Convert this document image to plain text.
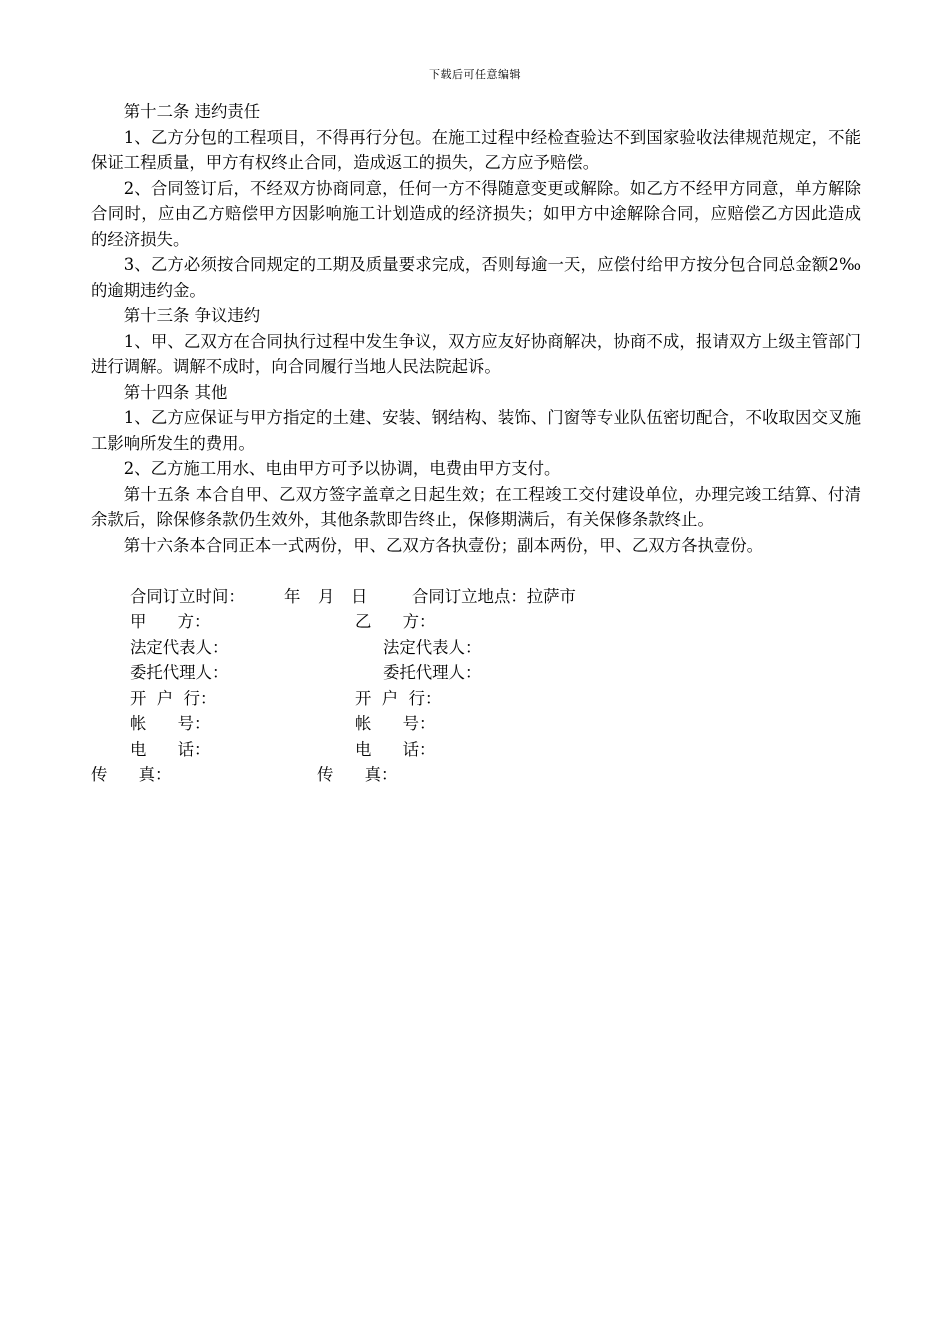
下载后可任意编辑

第十二条 违约责任

1、乙方分包的工程项目，不得再行分包。在施工过程中经检查验达不到国家验收法律规范规定，不能保证工程质量，甲方有权终止合同，造成返工的损失，乙方应予赔偿。

2、合同签订后，不经双方协商同意，任何一方不得随意变更或解除。如乙方不经甲方同意，单方解除合同时，应由乙方赔偿甲方因影响施工计划造成的经济损失；如甲方中途解除合同，应赔偿乙方因此造成的经济损失。

3、乙方必须按合同规定的工期及质量要求完成，否则每逾一天，应偿付给甲方按分包合同总金额2‰的逾期违约金。

第十三条 争议违约

1、甲、乙双方在合同执行过程中发生争议，双方应友好协商解决，协商不成，报请双方上级主管部门进行调解。调解不成时，向合同履行当地人民法院起诉。

第十四条 其他

1、乙方应保证与甲方指定的土建、安装、钢结构、装饰、门窗等专业队伍密切配合，不收取因交叉施工影响所发生的费用。

2、乙方施工用水、电由甲方可予以协调，电费由甲方支付。

第十五条 本合自甲、乙双方签字盖章之日起生效；在工程竣工交付建设单位，办理完竣工结算、付清余款后，除保修条款仍生效外，其他条款即告终止，保修期满后，有关保修条款终止。

第十六条本合同正本一式两份，甲、乙双方各执壹份；副本两份，甲、乙双方各执壹份。

合同订立时间： 年 月 日	合同订立地点：拉萨市
甲      方：	乙      方：
法定代表人：	法定代表人：
委托代理人：	委托代理人：
开  户  行：	开  户  行：
帐      号：	帐      号：
电      话：	电      话：
传      真：	传      真：
